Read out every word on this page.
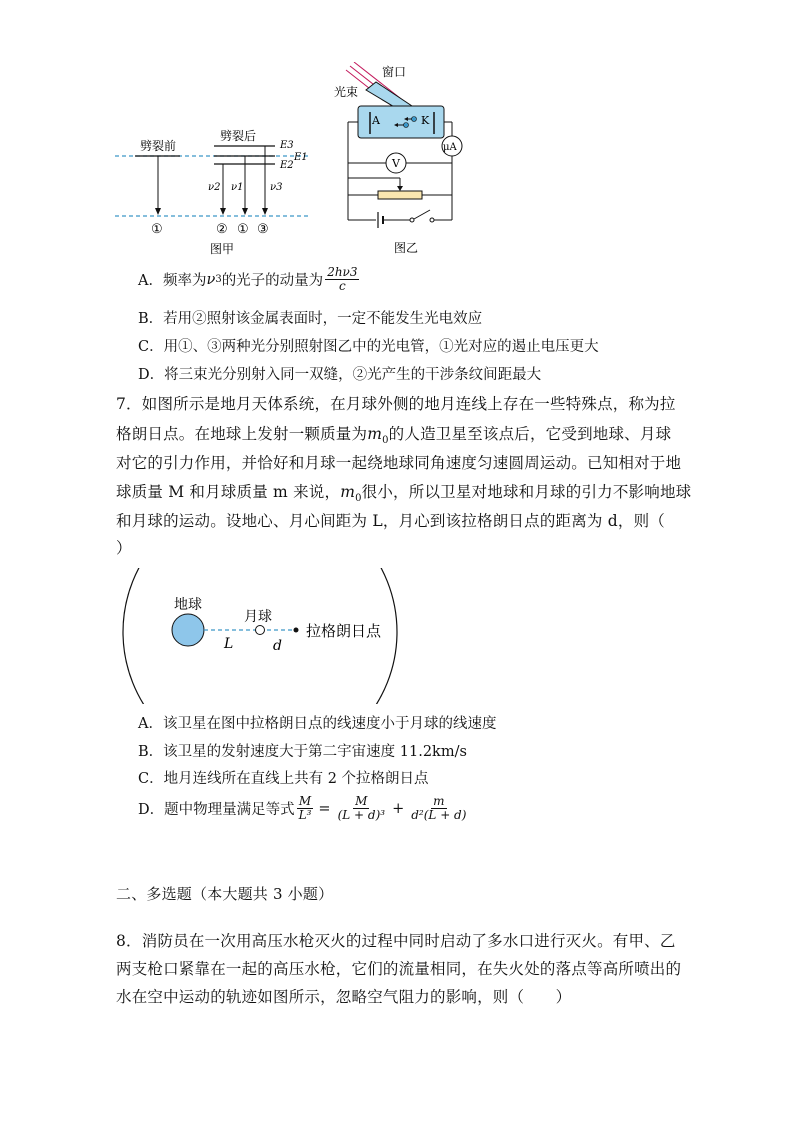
劈裂前
①
劈裂后
E3
E1
E2
ν2 ν1	ν3
② ① ③
图甲
窗口
光束
A	K
μA
V
图乙
A．频率为 ν 3 的光子的动量为 $\frac{2h\nu 3}{c}$
B．若用②照射该金属表面时，一定不能发生光电效应
C．用①、③两种光分别照射图乙中的光电管，①光对应的遏止电压更大
D．将三束光分别射入同一双缝，②光产生的干涉条纹间距最大
7．如图所示是地月天体系统，在月球外侧的地月连线上存在一些特殊点，称为拉
格朗日点。在地球上发射一颗质量为$m_0$的人造卫星至该点后，它受到地球、月球
对它的引力作用，并恰好和月球一起绕地球同角速度匀速圆周运动。已知相对于地
球质量 M 和月球质量 m 来说，$m_0$很小，所以卫星对地球和月球的引力不影响地球
和月球的运动。设地心、月心间距为 L，月心到该拉格朗日点的距离为 d，则（
）
地球
月球
拉格朗日点
L	d
A．该卫星在图中拉格朗日点的线速度小于月球的线速度
B．该卫星的发射速度大于第二宇宙速度 11.2km/s
C．地月连线所在直线上共有 2 个拉格朗日点
D．题中物理量满足等式 $\frac{M}{\text{L³}} = \frac{M}{\text{(L + d)³}} + \frac{m}{\text{d²(L + d)}}$
二、多选题（本大题共 3 小题）
8．消防员在一次用高压水枪灭火的过程中同时启动了多水口进行灭火。有甲、乙
两支枪口紧靠在一起的高压水枪，它们的流量相同，在失火处的落点等高所喷出的
水在空中运动的轨迹如图所示，忽略空气阻力的影响，则（　　）
